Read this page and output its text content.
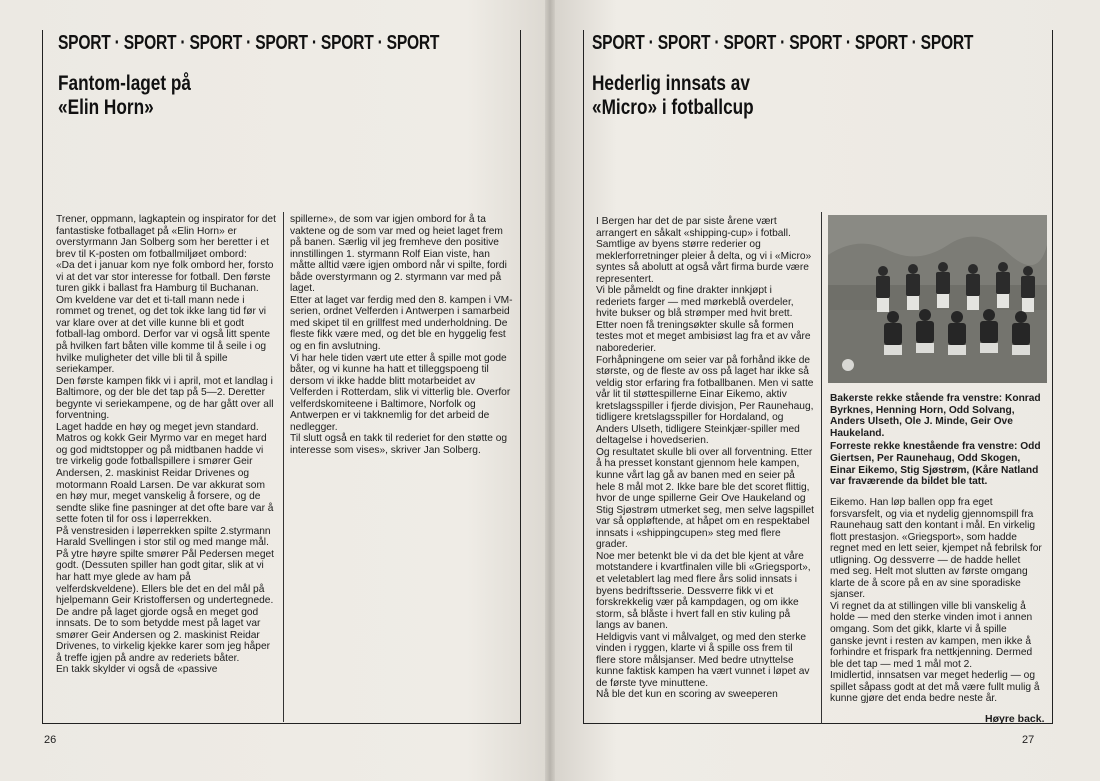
SPORT · SPORT · SPORT · SPORT · SPORT · SPORT
Fantom-laget på
«Elin Horn»

Trener, oppmann, lagkaptein og inspirator for det fantastiske fotballaget på «Elin Horn» er overstyrmann Jan Solberg som her beretter i et brev til K-posten om fotballmiljøet ombord:

«Da det i januar kom nye folk ombord her, forsto vi at det var stor interesse for fotball. Den første turen gikk i ballast fra Hamburg til Buchanan. Om kveldene var det et ti-tall mann nede i rommet og trenet, og det tok ikke lang tid før vi var klare over at det ville kunne bli et godt fotball-lag ombord. Derfor var vi også litt spente på hvilken fart båten ville komme til å seile i og hvilke muligheter det ville bli til å spille seriekamper.

Den første kampen fikk vi i april, mot et landlag i Baltimore, og der ble det tap på 5—2. Deretter begynte vi seriekampene, og de har gått over all forventning.

Laget hadde en høy og meget jevn standard. Matros og kokk Geir Myrmo var en meget hard og god midtstopper og på midtbanen hadde vi tre virkelig gode fotballspillere i smører Geir Andersen, 2. maskinist Reidar Drivenes og motormann Roald Larsen. De var akkurat som en høy mur, meget vanskelig å forsere, og de sendte slike fine pasninger at det ofte bare var å sette foten til for oss i løperrekken.

På venstresiden i løperrekken spilte 2.styrmann Harald Svellingen i stor stil og med mange mål. På ytre høyre spilte smører Pål Pedersen meget godt. (Dessuten spiller han godt gitar, slik at vi har hatt mye glede av ham på velferdskveldene). Ellers ble det en del mål på hjelpemann Geir Kristoffersen og undertegnede. De andre på laget gjorde også en meget god innsats. De to som betydde mest på laget var smører Geir Andersen og 2. maskinist Reidar Drivenes, to virkelig kjekke karer som jeg håper å treffe igjen på andre av rederiets båter.

En takk skylder vi også de «passive

spillerne», de som var igjen ombord for å ta vaktene og de som var med og heiet laget frem på banen. Særlig vil jeg fremheve den positive innstillingen 1. styrmann Rolf Eian viste, han måtte alltid være igjen ombord når vi spilte, fordi både overstyrmann og 2. styrmann var med på laget.

Etter at laget var ferdig med den 8. kampen i VM-serien, ordnet Velferden i Antwerpen i samarbeid med skipet til en grillfest med underholdning. De fleste fikk være med, og det ble en hyggelig fest og en fin avslutning.

Vi har hele tiden vært ute etter å spille mot gode båter, og vi kunne ha hatt et tilleggspoeng til dersom vi ikke hadde blitt motarbeidet av Velferden i Rotterdam, slik vi vitterlig ble. Overfor velferdskomiteene i Baltimore, Norfolk og Antwerpen er vi takknemlig for det arbeid de nedlegger.

Til slutt også en takk til rederiet for den støtte og interesse som vises», skriver Jan Solberg.

26
SPORT · SPORT · SPORT · SPORT · SPORT · SPORT
Hederlig innsats av
«Micro» i fotballcup

I Bergen har det de par siste årene vært arrangert en såkalt «shipping-cup» i fotball. Samtlige av byens større rederier og meklerforretninger pleier å delta, og vi i «Micro» syntes så abolutt at også vårt firma burde være representert.

Vi ble påmeldt og fine drakter innkjøpt i rederiets farger — med mørkeblå overdeler, hvite bukser og blå strømper med hvit brett. Etter noen få treningsøkter skulle så formen testes mot et meget ambisiøst lag fra et av våre naborederier.

Forhåpningene om seier var på forhånd ikke de største, og de fleste av oss på laget har ikke så veldig stor erfaring fra fotballbanen. Men vi satte vår lit til støttespillerne Einar Eikemo, aktiv kretslagsspiller i fjerde divisjon, Per Raunehaug, tidligere kretslagsspiller for Hordaland, og Anders Ulseth, tidligere Steinkjær-spiller med deltagelse i hovedserien.

Og resultatet skulle bli over all forventning. Etter å ha presset konstant gjennom hele kampen, kunne vårt lag gå av banen med en seier på hele 8 mål mot 2. Ikke bare ble det scoret flittig, hvor de unge spillerne Geir Ove Haukeland og Stig Sjøstrøm utmerket seg, men selve lagspillet var så oppløftende, at håpet om en respektabel innsats i «shippingcupen» steg med flere grader.

Noe mer betenkt ble vi da det ble kjent at våre motstandere i kvartfinalen ville bli «Griegsport», et veletablert lag med flere års solid innsats i byens bedriftsserie. Dessverre fikk vi et forskrekkelig vær på kampdagen, og om ikke storm, så blåste i hvert fall en stiv kuling på langs av banen.

Heldigvis vant vi målvalget, og med den sterke vinden i ryggen, klarte vi å spille oss frem til flere store målsjanser. Med bedre utnyttelse kunne faktisk kampen ha vært vunnet i løpet av de første tyve minuttene.

Nå ble det kun en scoring av sweeperen

Bakerste rekke stående fra venstre: Konrad Byrknes, Henning Horn, Odd Solvang, Anders Ulseth, Ole J. Minde, Geir Ove Haukeland.

Forreste rekke knestående fra venstre: Odd Giertsen, Per Raunehaug, Odd Skogen, Einar Eikemo, Stig Sjøstrøm, (Kåre Natland var fraværende da bildet ble tatt.

Eikemo. Han løp ballen opp fra eget forsvarsfelt, og via et nydelig gjennomspill fra Raunehaug satt den kontant i mål. En virkelig flott prestasjon. «Griegsport», som hadde regnet med en lett seier, kjempet nå febrilsk for utligning. Og dessverre — de hadde hellet med seg. Helt mot slutten av første omgang klarte de å score på en av sine sporadiske sjanser.

Vi regnet da at stillingen ville bli vanskelig å holde — med den sterke vinden imot i annen omgang. Som det gikk, klarte vi å spille ganske jevnt i resten av kampen, men ikke å forhindre et frispark fra nettkjenning. Dermed ble det tap — med 1 mål mot 2.

Imidlertid, innsatsen var meget hederlig — og spillet såpass godt at det må være fullt mulig å kunne gjøre det enda bedre neste år.

Høyre back.
27
